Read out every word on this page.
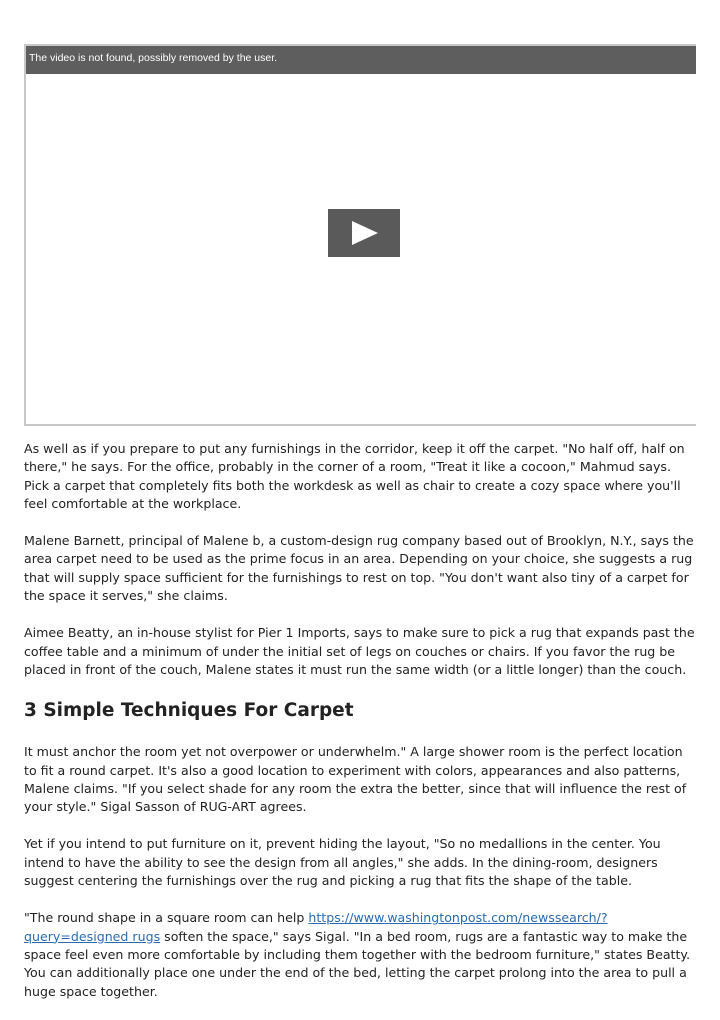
The video is not found, possibly removed by the user.

As well as if you prepare to put any furnishings in the corridor, keep it off the carpet. "No half off, half on there," he says. For the office, probably in the corner of a room, "Treat it like a cocoon," Mahmud says. Pick a carpet that completely fits both the workdesk as well as chair to create a cozy space where you'll feel comfortable at the workplace.

Malene Barnett, principal of Malene b, a custom-design rug company based out of Brooklyn, N.Y., says the area carpet need to be used as the prime focus in an area. Depending on your choice, she suggests a rug that will supply space sufficient for the furnishings to rest on top. "You don't want also tiny of a carpet for the space it serves," she claims.

Aimee Beatty, an in-house stylist for Pier 1 Imports, says to make sure to pick a rug that expands past the coffee table and a minimum of under the initial set of legs on couches or chairs. If you favor the rug be placed in front of the couch, Malene states it must run the same width (or a little longer) than the couch.

3 Simple Techniques For Carpet

It must anchor the room yet not overpower or underwhelm." A large shower room is the perfect location to fit a round carpet. It's also a good location to experiment with colors, appearances and also patterns, Malene claims. "If you select shade for any room the extra the better, since that will influence the rest of your style." Sigal Sasson of RUG-ART agrees.

Yet if you intend to put furniture on it, prevent hiding the layout, "So no medallions in the center. You intend to have the ability to see the design from all angles," she adds. In the dining-room, designers suggest centering the furnishings over the rug and picking a rug that fits the shape of the table.

"The round shape in a square room can help https://www.washingtonpost.com/newssearch/?query=designed rugs soften the space," says Sigal. "In a bed room, rugs are a fantastic way to make the space feel even more comfortable by including them together with the bedroom furniture," states Beatty. You can additionally place one under the end of the bed, letting the carpet prolong into the area to pull a huge space together.
